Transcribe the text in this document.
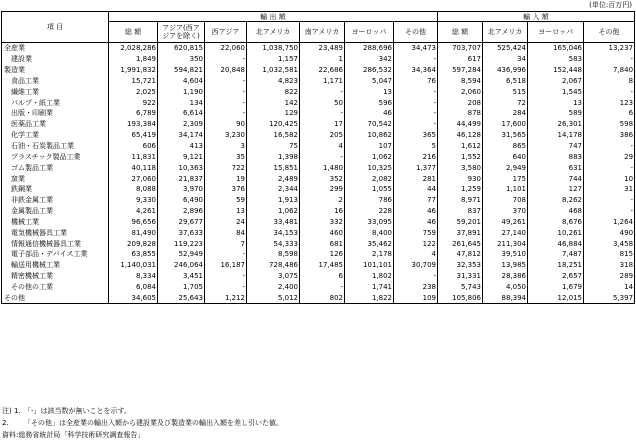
(単位:百万円)
項 目	輸 出 額							輸 入 額			
	総 額	アジア(西アジアを除く)	西アジア	北アメリカ	南アメリカ	ヨーロッパ	その他	総 額	北アメリカ	ヨーロッパ	その他
全産業	2,028,286	620,815	22,060	1,038,750	23,489	288,696	34,473	703,707	525,424	165,046	13,237
建設業	1,849	350	-	1,157	1	342	-	617	34	583	-
製造業	1,991,832	594,821	20,848	1,032,581	22,686	286,532	34,364	597,284	436,996	152,448	7,840
食品工業	15,721	4,604	-	4,823	1,171	5,047	76	8,594	6,518	2,067	8
繊維工業	2,025	1,190	-	822	-	13	-	2,060	515	1,545	-
パルプ・紙工業	922	134	-	142	50	596	-	208	72	13	123
出版・印刷業	6,789	6,614	-	129	-	46	-	878	284	589	6
医薬品工業	193,384	2,309	90	120,425	17	70,542	-	44,499	17,600	26,301	598
化学工業	65,419	34,174	3,230	16,582	205	10,862	365	46,128	31,565	14,178	386
石油・石炭製品工業	606	413	3	75	4	107	5	1,612	865	747	-
プラスチック製品工業	11,831	9,121	35	1,398	-	1,062	216	1,552	640	883	29
ゴム製品工業	40,118	10,363	722	15,851	1,480	10,325	1,377	3,580	2,949	631	-
窯業	27,060	21,837	19	2,489	352	2,082	281	930	175	744	10
鉄鋼業	8,088	3,970	376	2,344	299	1,055	44	1,259	1,101	127	31
非鉄金属工業	9,330	6,490	59	1,913	2	786	77	8,971	708	8,262	-
金属製品工業	4,261	2,896	13	1,062	16	228	46	837	370	468	-
機械工業	96,656	29,677	24	33,481	332	33,095	46	59,201	49,261	8,676	1,264
電気機械器具工業	81,490	37,633	84	34,153	460	8,400	759	37,891	27,140	10,261	490
情報通信機械器具工業	209,828	119,223	7	54,333	681	35,462	122	261,645	211,304	46,884	3,458
電子部品・デバイス工業	63,855	52,949	-	8,598	126	2,178	4	47,812	39,510	7,487	815
輸送用機械工業	1,140,031	246,064	16,187	728,486	17,485	101,101	30,709	32,353	13,985	18,251	318
精密機械工業	8,334	3,451	-	3,075	6	1,802	-	31,331	28,386	2,657	289
その他の工業	6,084	1,705	-	2,400	-	1,741	238	5,743	4,050	1,679	14
その他	34,605	25,643	1,212	5,012	802	1,822	109	105,806	88,394	12,015	5,397
注) 1. 「-」は該当数が無いことを示す。
2. 「その他」は全産業の輸出入額から建設業及び製造業の輸出入額を差し引いた値。
資料:総務省統計局「科学技術研究調査報告」
